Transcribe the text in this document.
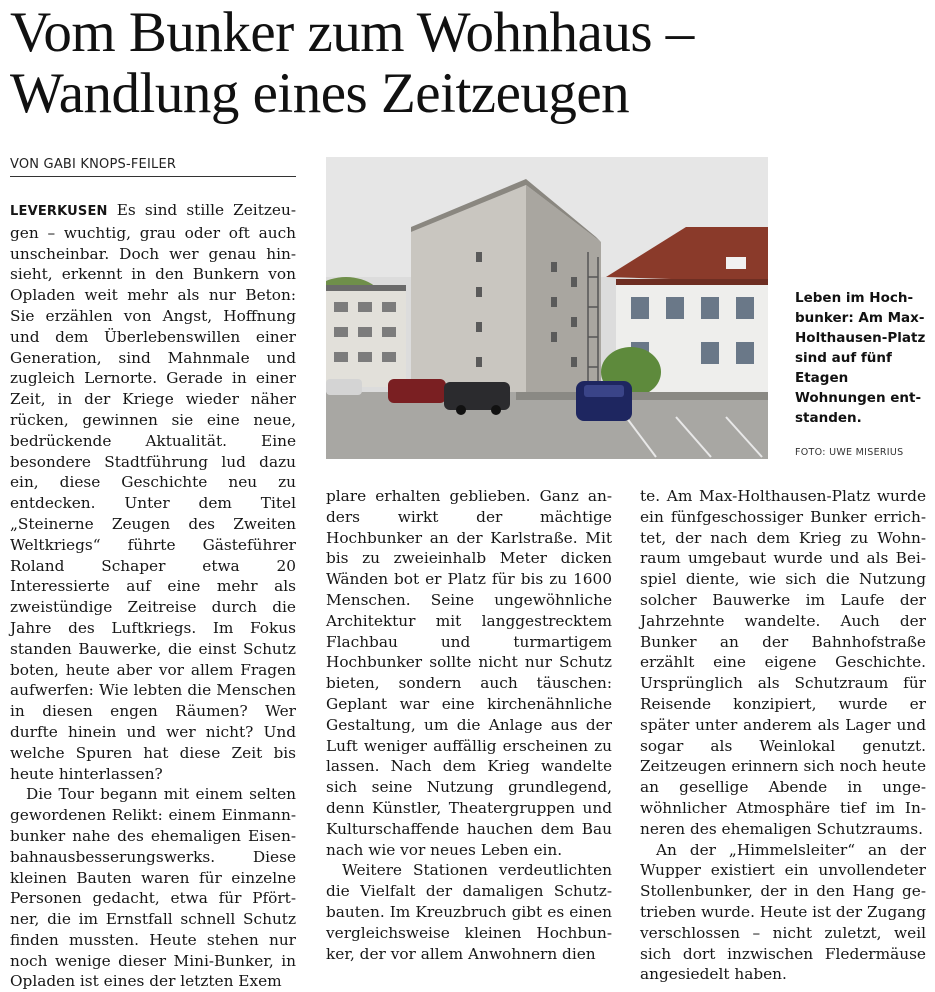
Vom Bunker zum Wohnhaus –
Wandlung eines Zeitzeugen
VON GABI KNOPS-FEILER

LEVERKUSEN Es sind stille Zeitzeugen – wuchtig, grau oder oft auch unscheinbar. Doch wer genau hinsieht, erkennt in den Bunkern von Opladen weit mehr als nur Beton: Sie erzählen von Angst, Hoffnung und dem Überlebenswillen einer Generation, sind Mahnmale und zugleich Lernorte. Gerade in einer Zeit, in der Kriege wieder näher rücken, gewinnen sie eine neue, bedrückende Aktualität. Eine besondere Stadtführung lud dazu ein, diese Geschichte neu zu entdecken. Unter dem Titel „Steinerne Zeugen des Zweiten Weltkriegs“ führte Gästeführer Roland Schaper etwa 20 Interessierte auf eine mehr als zweistündige Zeitreise durch die Jahre des Luftkriegs. Im Fokus standen Bauwerke, die einst Schutz boten, heute aber vor allem Fragen aufwerfen: Wie lebten die Menschen in diesen engen Räumen? Wer durfte hinein und wer nicht? Und welche Spuren hat diese Zeit bis heute hinterlassen?

Die Tour begann mit einem selten gewordenen Relikt: einem Einmannbunker nahe des ehemaligen Eisenbahnausbesserungswerks. Diese kleinen Bauten waren für einzelne Personen gedacht, etwa für Pförtner, die im Ernstfall schnell Schutz finden mussten. Heute stehen nur noch wenige dieser Mini-Bunker, in Opladen ist eines der letzten Exem

Leben im Hochbunker: Am Max-Holthausen-Platz sind auf fünf Etagen Wohnungen entstanden.
FOTO: UWE MISERIUS

plare erhalten geblieben. Ganz anders wirkt der mächtige Hochbunker an der Karlstraße. Mit bis zu zweieinhalb Meter dicken Wänden bot er Platz für bis zu 1600 Menschen. Seine ungewöhnliche Architektur mit langgestrecktem Flachbau und turmartigem Hochbunker sollte nicht nur Schutz bieten, sondern auch täuschen: Geplant war eine kirchenähnliche Gestaltung, um die Anlage aus der Luft weniger auffällig erscheinen zu lassen. Nach dem Krieg wandelte sich seine Nutzung grundlegend, denn Künstler, Theatergruppen und Kulturschaffende hauchen dem Bau nach wie vor neues Leben ein.

Weitere Stationen verdeutlichten die Vielfalt der damaligen Schutzbauten. Im Kreuzbruch gibt es einen vergleichsweise kleinen Hochbunker, der vor allem Anwohnern dien

te. Am Max-Holthausen-Platz wurde ein fünfgeschossiger Bunker errichtet, der nach dem Krieg zu Wohnraum umgebaut wurde und als Beispiel diente, wie sich die Nutzung solcher Bauwerke im Laufe der Jahrzehnte wandelte. Auch der Bunker an der Bahnhofstraße erzählt eine eigene Geschichte. Ursprünglich als Schutzraum für Reisende konzipiert, wurde er später unter anderem als Lager und sogar als Weinlokal genutzt. Zeitzeugen erinnern sich noch heute an gesellige Abende in ungewöhnlicher Atmosphäre tief im Inneren des ehemaligen Schutzraums.

An der „Himmelsleiter“ an der Wupper existiert ein unvollendeter Stollenbunker, der in den Hang getrieben wurde. Heute ist der Zugang verschlossen – nicht zuletzt, weil sich dort inzwischen Fledermäuse angesiedelt haben.
